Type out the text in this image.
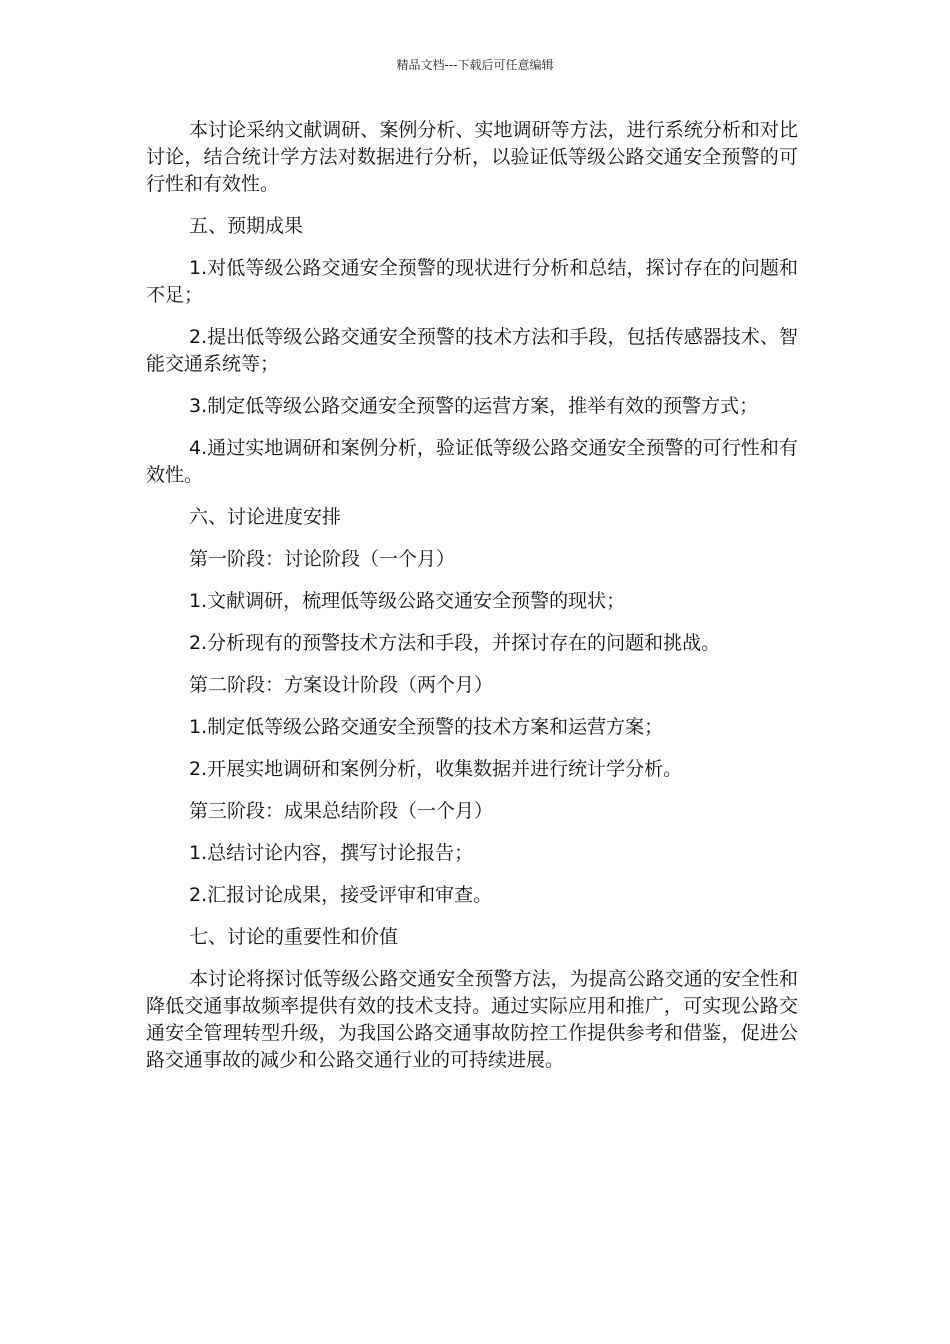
精品文档---下载后可任意编辑

本讨论采纳文献调研、案例分析、实地调研等方法，进行系统分析和对比讨论，结合统计学方法对数据进行分析，以验证低等级公路交通安全预警的可行性和有效性。

五、预期成果

1.对低等级公路交通安全预警的现状进行分析和总结，探讨存在的问题和不足；

2.提出低等级公路交通安全预警的技术方法和手段，包括传感器技术、智能交通系统等；

3.制定低等级公路交通安全预警的运营方案，推举有效的预警方式；

4.通过实地调研和案例分析，验证低等级公路交通安全预警的可行性和有效性。

六、讨论进度安排

第一阶段：讨论阶段（一个月）

1.文献调研，梳理低等级公路交通安全预警的现状；

2.分析现有的预警技术方法和手段，并探讨存在的问题和挑战。

第二阶段：方案设计阶段（两个月）

1.制定低等级公路交通安全预警的技术方案和运营方案；

2.开展实地调研和案例分析，收集数据并进行统计学分析。

第三阶段：成果总结阶段（一个月）

1.总结讨论内容，撰写讨论报告；

2.汇报讨论成果，接受评审和审查。

七、讨论的重要性和价值

本讨论将探讨低等级公路交通安全预警方法，为提高公路交通的安全性和降低交通事故频率提供有效的技术支持。通过实际应用和推广，可实现公路交通安全管理转型升级，为我国公路交通事故防控工作提供参考和借鉴，促进公路交通事故的减少和公路交通行业的可持续进展。
